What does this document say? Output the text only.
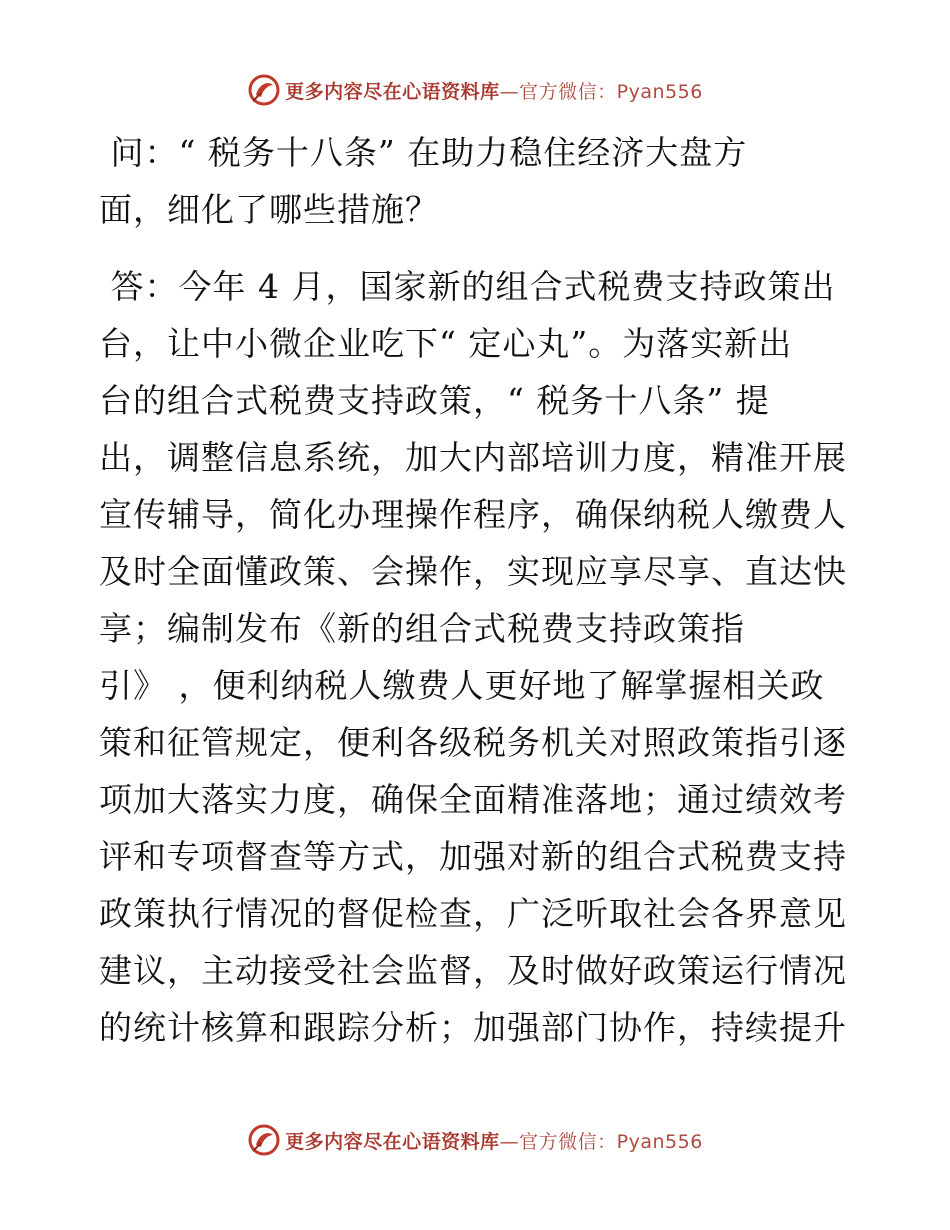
更多内容尽在心语资料库—官方微信：Pyan556
问：“ 税务十八条” 在助力稳住经济大盘方
面，细化了哪些措施？
答：今年 4 月，国家新的组合式税费支持政策出
台，让中小微企业吃下“ 定心丸”。为落实新出
台的组合式税费支持政策，“ 税务十八条” 提
出，调整信息系统，加大内部培训力度，精准开展
宣传辅导，简化办理操作程序，确保纳税人缴费人
及时全面懂政策、会操作，实现应享尽享、直达快
享；编制发布《新的组合式税费支持政策指
引》 ，便利纳税人缴费人更好地了解掌握相关政
策和征管规定，便利各级税务机关对照政策指引逐
项加大落实力度，确保全面精准落地；通过绩效考
评和专项督查等方式，加强对新的组合式税费支持
政策执行情况的督促检查，广泛听取社会各界意见
建议，主动接受社会监督，及时做好政策运行情况
的统计核算和跟踪分析；加强部门协作，持续提升
更多内容尽在心语资料库—官方微信：Pyan556
